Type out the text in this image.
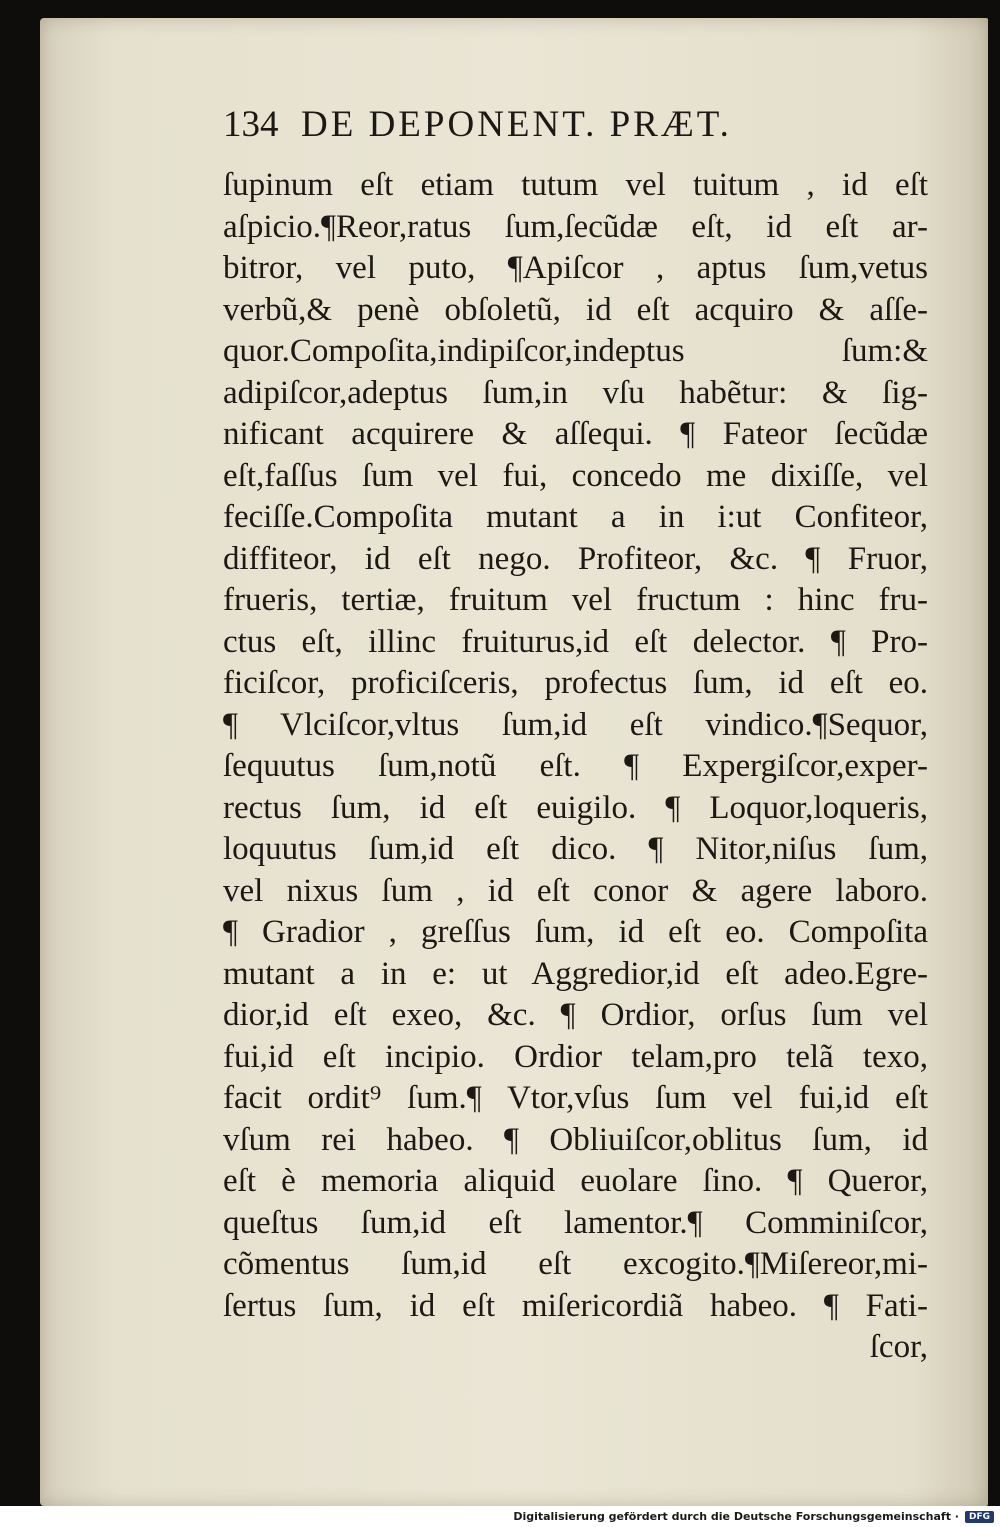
134 DE DEPONENT. PRÆT.
ſupinum eſt etiam tutum vel tuitum , id eſt
aſpicio.¶Reor,ratus ſum,ſecũdæ eſt, id eſt ar-
bitror, vel puto, ¶Apiſcor , aptus ſum,vetus
verbũ,& penè obſoletũ, id eſt acquiro & aſſe-
quor.Compoſita,indipiſcor,indeptus ſum:&
adipiſcor,adeptus ſum,in vſu habẽtur: & ſig-
nificant acquirere & aſſequi. ¶ Fateor ſecũdæ
eſt,faſſus ſum vel fui, concedo me dixiſſe, vel
feciſſe.Compoſita mutant a in i:ut Confiteor,
diffiteor, id eſt nego. Profiteor, &c. ¶ Fruor,
frueris, tertiæ, fruitum vel fructum : hinc fru-
ctus eſt, illinc fruiturus,id eſt delector. ¶ Pro-
ficiſcor, proficiſceris, profectus ſum, id eſt eo.
¶ Vlciſcor,vltus ſum,id eſt vindico.¶Sequor,
ſequutus ſum,notũ eſt. ¶ Expergiſcor,exper-
rectus ſum, id eſt euigilo. ¶ Loquor,loqueris,
loquutus ſum,id eſt dico. ¶ Nitor,niſus ſum,
vel nixus ſum , id eſt conor & agere laboro.
¶ Gradior , greſſus ſum, id eſt eo. Compoſita
mutant a in e: ut Aggredior,id eſt adeo.Egre-
dior,id eſt exeo, &c. ¶ Ordior, orſus ſum vel
fui,id eſt incipio. Ordior telam,pro telã texo,
facit ordit⁹ ſum.¶ Vtor,vſus ſum vel fui,id eſt
vſum rei habeo. ¶ Obliuiſcor,oblitus ſum, id
eſt è memoria aliquid euolare ſino. ¶ Queror,
queſtus ſum,id eſt lamentor.¶ Comminiſcor,
cõmentus ſum,id eſt excogito.¶Miſereor,mi-
ſertus ſum, id eſt miſericordiã habeo. ¶ Fati-
ſcor,
Digitalisierung gefördert durch die Deutsche Forschungsgemeinschaft ·	DFG
